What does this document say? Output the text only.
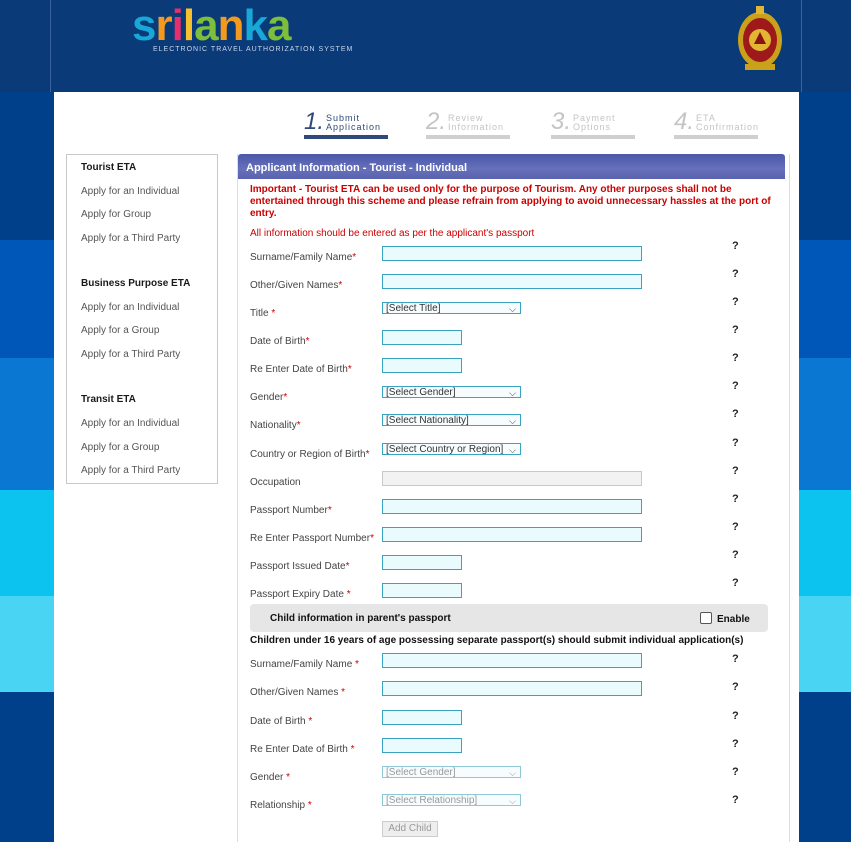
srilanka
ELECTRONIC TRAVEL AUTHORIZATION SYSTEM
1. Submit
Application	2. Review
Information	3. Payment
Options	4. ETA
Confirmation
Tourist ETA
Apply for an Individual
Apply for Group
Apply for a Third Party
Business Purpose ETA
Apply for an Individual
Apply for a Group
Apply for a Third Party
Transit ETA
Apply for an Individual
Apply for a Group
Apply for a Third Party
Applicant Information - Tourist - Individual
Important - Tourist ETA can be used only for the purpose of Tourism. Any other purposes shall not be entertained through this scheme and please refrain from applying to avoid unnecessary hassles at the port of entry.
All information should be entered as per the applicant's passport
Surname/Family Name*
?
Other/Given Names*
?
Title *	[Select Title]	⌵
?
Date of Birth*
?
Re Enter Date of Birth*
?
Gender*	[Select Gender]	⌵
?
Nationality*	[Select Nationality]	⌵
?
Country or Region of Birth*	[Select Country or Region] ⌵
?
Occupation
?
Passport Number*
?
Re Enter Passport Number*
?
Passport Issued Date*
?
Passport Expiry Date *
?
Child information in parent's passport	Enable
Children under 16 years of age possessing separate passport(s) should submit individual application(s)
Surname/Family Name *	?
Other/Given Names *	?
Date of Birth *	?
Re Enter Date of Birth *	?
Gender *	[Select Gender]	⌵	?
Relationship *	[Select Relationship]	⌵	?
Add Child
